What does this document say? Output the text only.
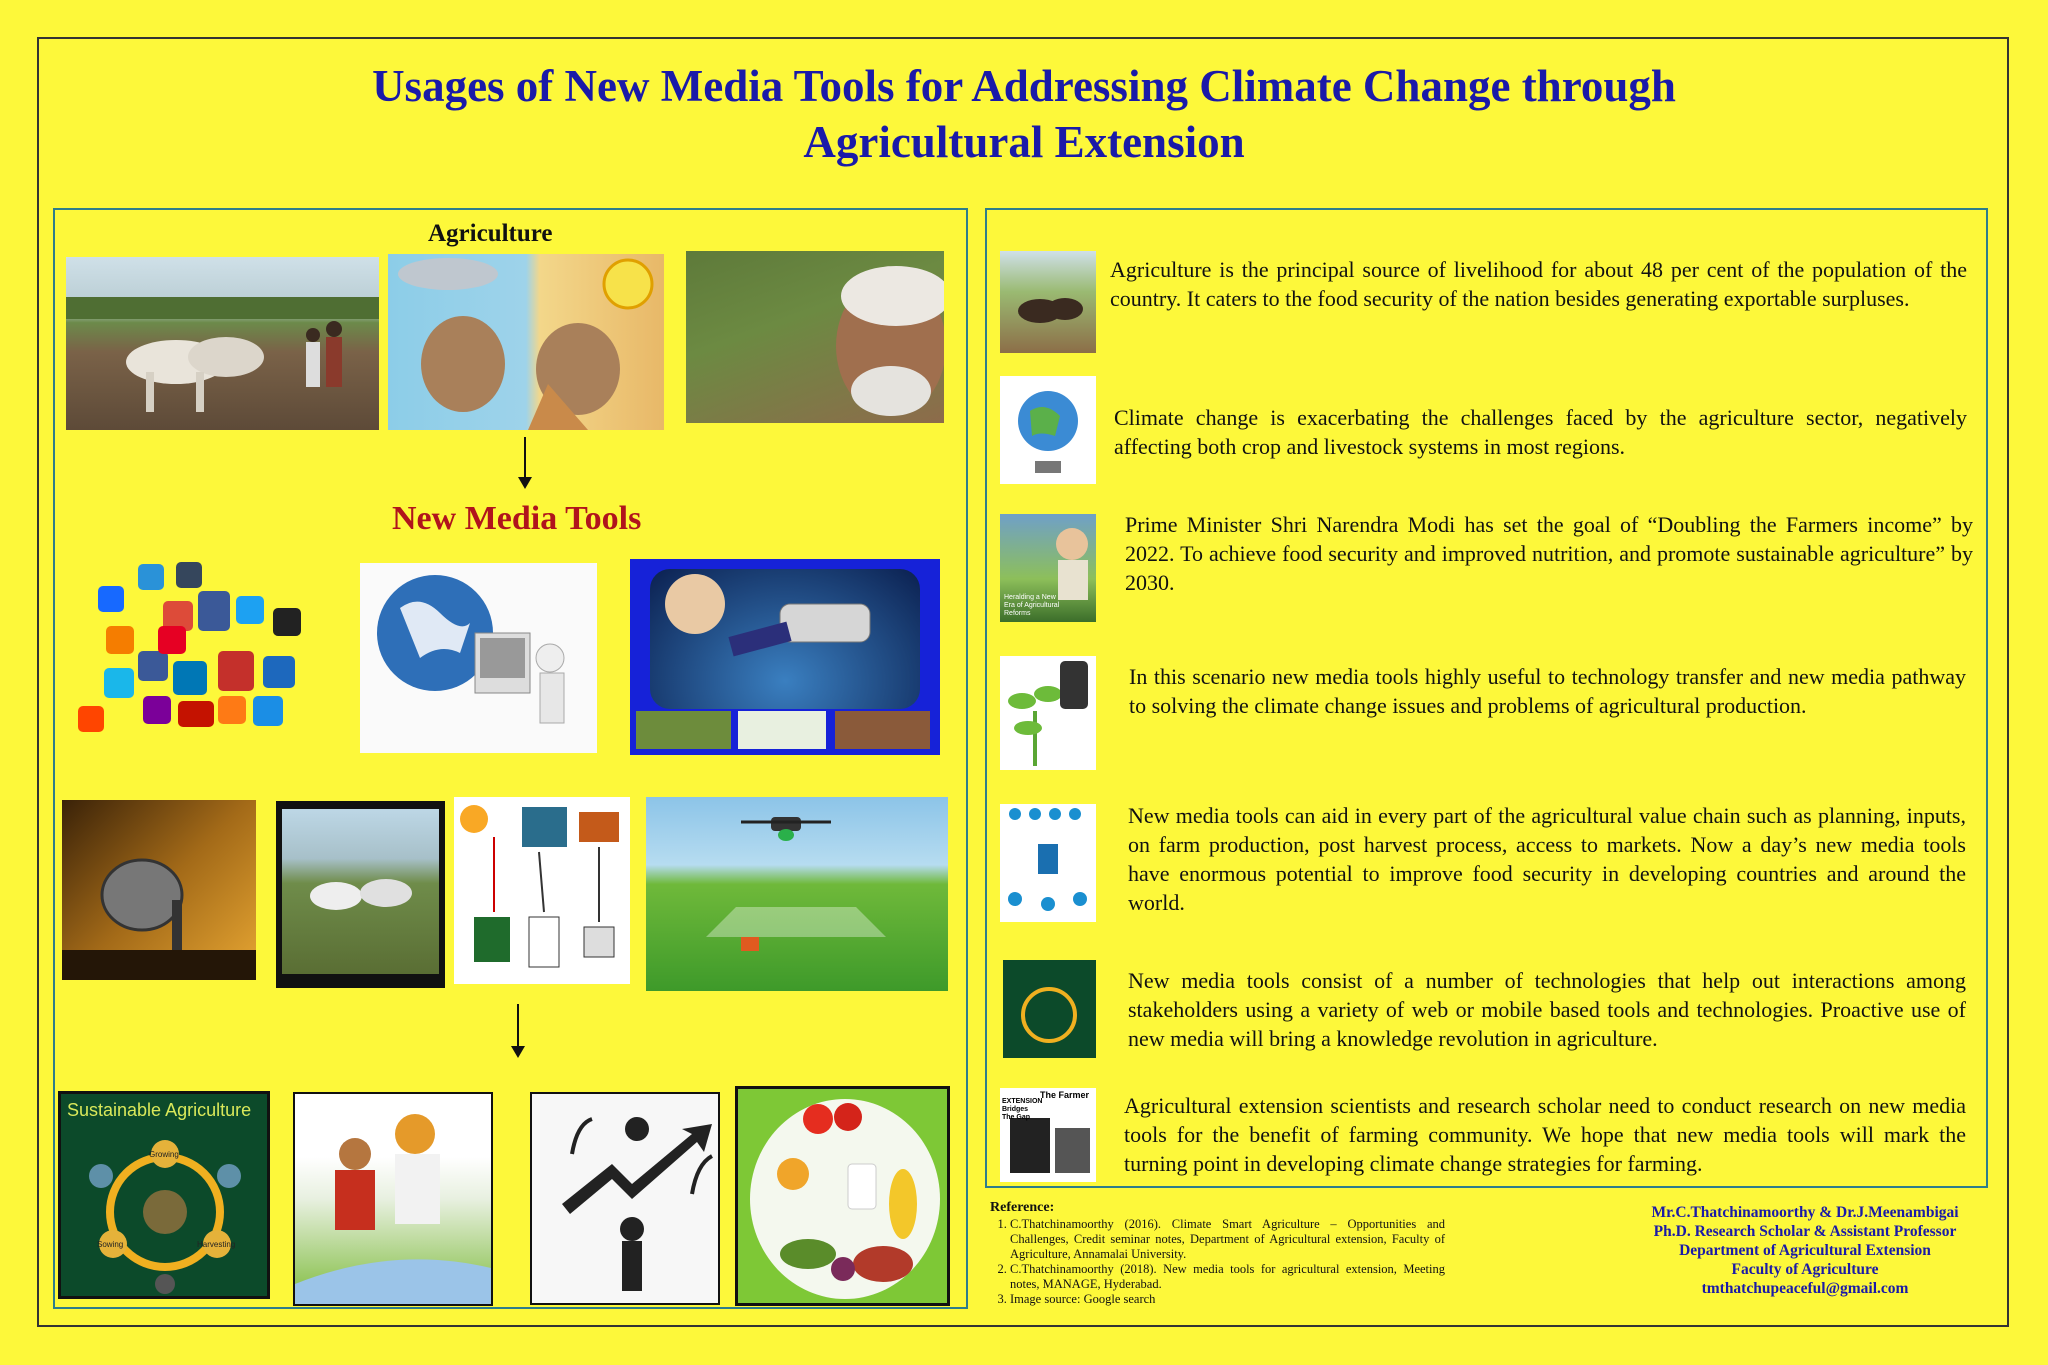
Usages of New Media Tools for Addressing Climate Change through
Agricultural Extension
Agriculture
New Media Tools
Sustainable Agriculture
Growing
Sowing	Harvesting
Agriculture is the principal source of livelihood for about 48 per cent of the population of the country. It caters to the food security of the nation besides generating exportable surpluses.
Climate change is exacerbating the challenges faced by the agriculture sector, negatively affecting both crop and livestock systems in most regions.
Heralding a New Era of Agricultural Reforms
Prime Minister Shri Narendra Modi has set the goal of “Doubling the Farmers income” by 2022. To achieve food security and improved nutrition, and promote sustainable agriculture” by 2030.
In this scenario new media tools highly useful to technology transfer and new media pathway to solving the climate change issues and problems of agricultural production.
New media tools can aid in every part of the agricultural value chain such as planning, inputs, on farm production, post harvest process, access to markets. Now a day’s new media tools have enormous potential to improve food security in developing countries and around the world.
New media tools consist of a number of technologies that help out interactions among stakeholders using a variety of web or mobile based tools and technologies. Proactive use of new media will bring a knowledge revolution in agriculture.
The Farmer
EXTENSION Bridges The Gap	Agricultural extension scientists and research scholar need to conduct research on new media tools for the benefit of farming community. We hope that new media tools will mark the turning point in developing climate change strategies for farming.
Reference:
1. C.Thatchinamoorthy (2016). Climate Smart Agriculture – Opportunities and Challenges, Credit seminar notes, Department of Agricultural extension, Faculty of Agriculture, Annamalai University.
2. C.Thatchinamoorthy (2018). New media tools for agricultural extension, Meeting notes, MANAGE, Hyderabad.
3. Image source: Google search
Mr.C.Thatchinamoorthy & Dr.J.Meenambigai
Ph.D. Research Scholar & Assistant Professor
Department of Agricultural Extension
Faculty of Agriculture
tmthatchupeaceful@gmail.com
